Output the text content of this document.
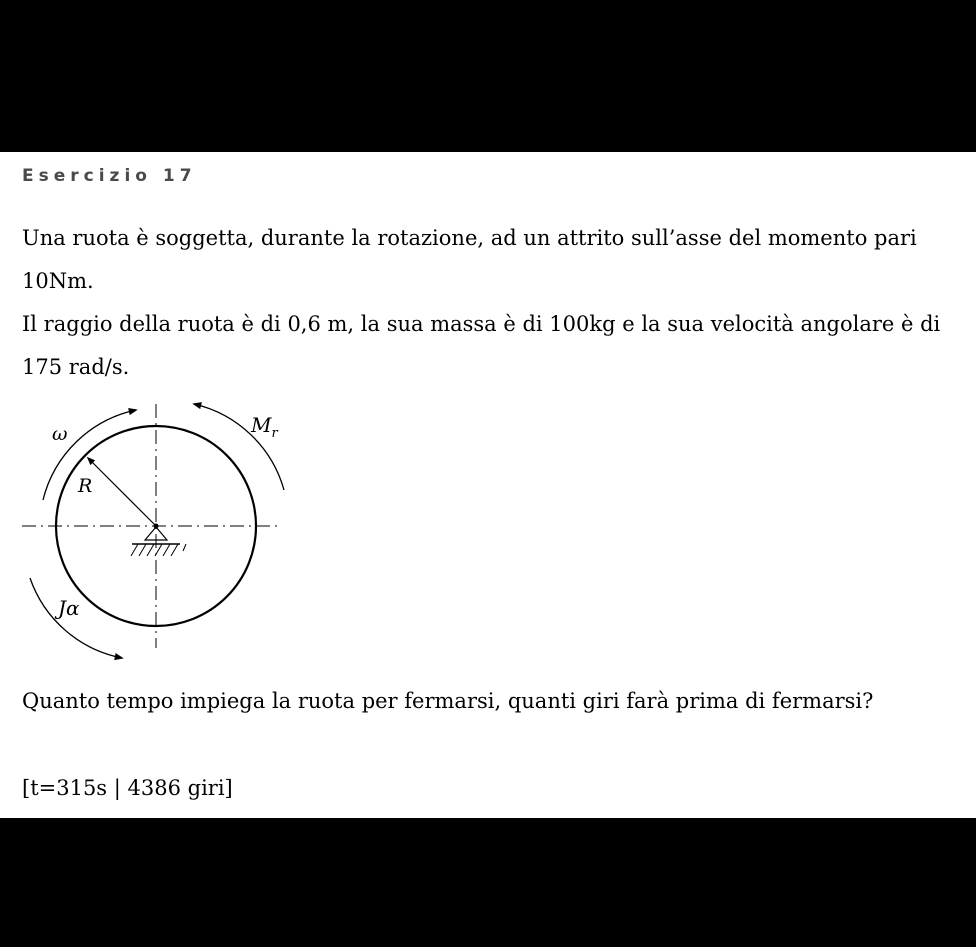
Esercizio 17
Una ruota è soggetta, durante la rotazione, ad un attrito sull’asse del momento pari
10Nm.
Il raggio della ruota è di 0,6 m, la sua massa è di 100kg e la sua velocità angolare è di
175 rad/s.
ω	$M_r$
R
Jα
Quanto tempo impiega la ruota per fermarsi, quanti giri farà prima di fermarsi?
[t=315s | 4386 giri]
